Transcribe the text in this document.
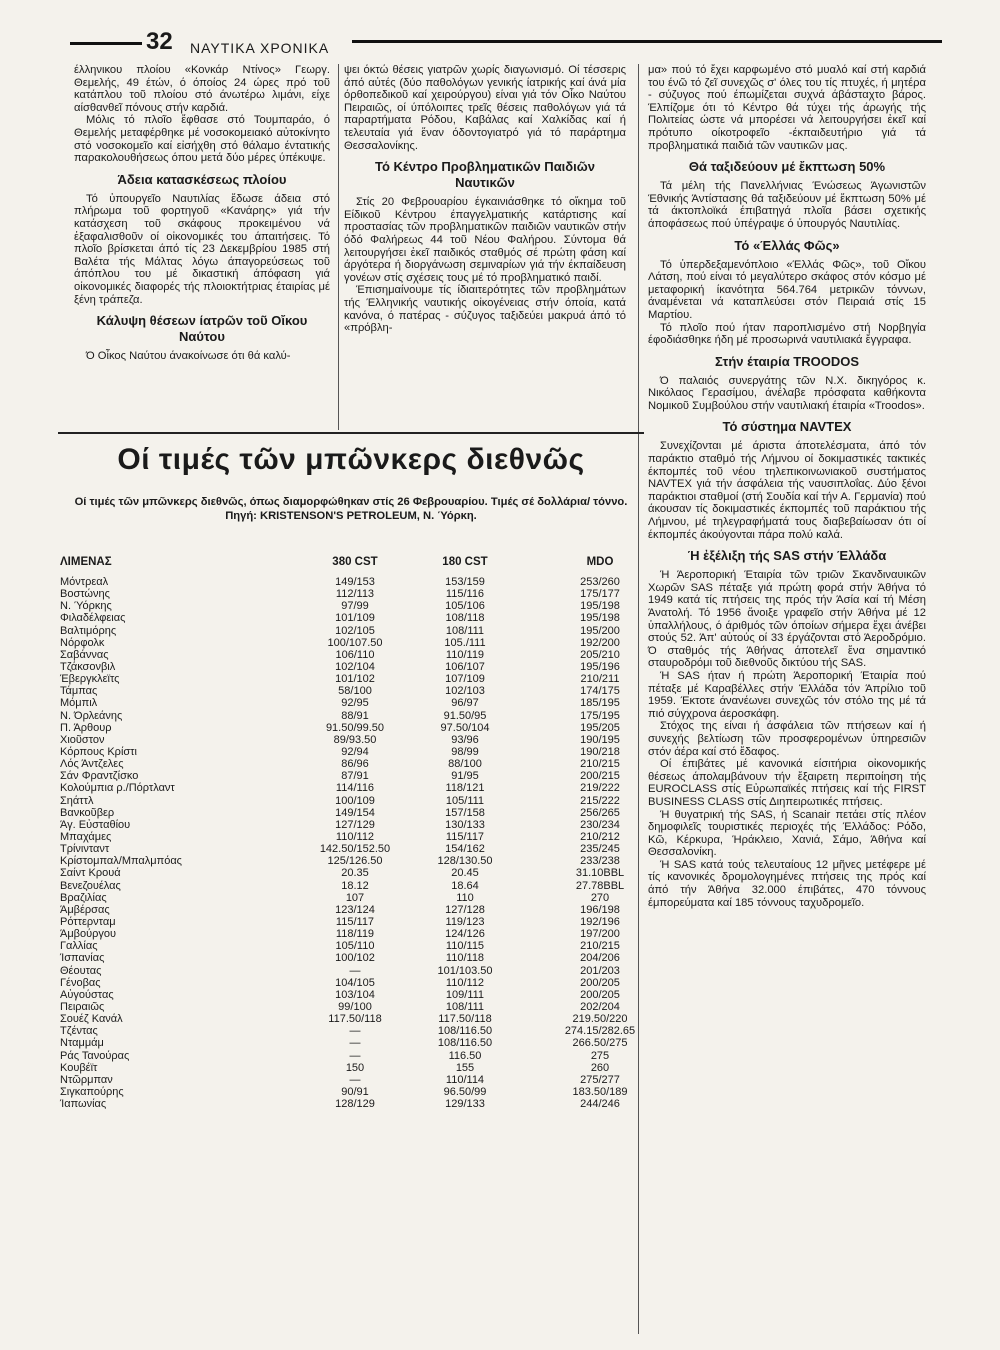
32 ΝΑΥΤΙΚΑ ΧΡΟΝΙΚΑ

έλληνικου πλοίου «Κονκάρ Ντίνος» Γεωργ. Θεμελής, 49 έτών, ό όποίος 24 ώρες πρό τοῦ κατάπλου τοῦ πλοίου στό άνωτέρω λιμάνι, είχε αίσθανθεῖ πόνους στήν καρδιά.

Μόλις τό πλοῖο ἔφθασε στό Τουμπαράο, ό Θεμελής μεταφέρθηκε μέ νοσοκομειακό αὐτοκίνητο στό νοσοκομεῖο καί εἰσήχθη στό θάλαμο έντατικής παρακολουθήσεως όπου μετά δύο μέρες ύπέκυψε.

Άδεια κατασκέσεως πλοίου

Τό ὑπουργεῖο Ναυτιλίας ἔδωσε άδεια στό πλήρωμα τοῦ φορτηγοῦ «Κανάρης» γιά τήν κατάσχεση τοῦ σκάφους προκειμένου νά ἐξαφαλισθοῦν οί οἰκονομικές του άπαιτήσεις. Τό πλοῖο βρίσκεται άπό τίς 23 Δεκεμβρίου 1985 στή Βαλέτα τής Μάλτας λόγω άπαγορεύσεως τοῦ άπόπλου του μέ δικαστική άπόφαση γιά οἰκονομικές διαφορές τής πλοιοκτήτριας έταιρίας μέ ξένη τράπεζα.

Κάλυψη θέσεων ίατρῶν τοῦ Οἴκου Ναύτου

Ό Οἶκος Ναύτου άνακοίνωσε ότι θά καλύ-

ψει όκτώ θέσεις γιατρῶν χωρίς διαγωνισμό. Οί τέσσερις άπό αὐτές (δύο παθολόγων γενικής ίατρικής καί άνά μία όρθοπεδικοῦ καί χειρούργου) είναι γιά τόν Οἶκο Ναύτου Πειραιῶς, οί ύπόλοιπες τρεῖς θέσεις παθολόγων γιά τά παραρτήματα Ρόδου, Καβάλας καί Χαλκίδας καί ή τελευταία γιά ἕναν όδοντογιατρό γιά τό παράρτημα Θεσσαλονίκης.

Τό Κέντρο Προβληματικῶν Παιδιῶν Ναυτικῶν

Στίς 20 Φεβρουαρίου έγκαινιάσθηκε τό οἴκημα τοῦ Είδικοῦ Κέντρου έπαγγελματικής κατάρτισης καί προστασίας τῶν προβληματικῶν παιδιῶν ναυτικῶν στήν όδό Φαλήρεως 44 τοῦ Νέου Φαλήρου. Σύντομα θά λειτουργήσει ἐκεῖ παιδικός σταθμός σέ πρώτη φάση καί άργότερα ή διοργάνωση σεμιναρίων γιά τήν έκπαίδευση γονέων στίς σχέσεις τους μέ τό προβληματικό παιδί.

Έπισημαίνουμε τίς ίδιαιτερότητες τῶν προβλημάτων τής Έλληνικής ναυτικής οἰκογένειας στήν όποία, κατά κανόνα, ό πατέρας - σύζυγος ταξιδεύει μακρυά άπό τό «πρόβλη-

μα» πού τό ἔχει καρφωμένο στό μυαλό καί στή καρδιά του ένῶ τό ζεῖ συνεχῶς σ' όλες του τίς πτυχές, ή μητέρα - σύζυγος πού έπωμίζεται συχνά άβάσταχτο βάρος. Έλπίζομε ότι τό Κέντρο θά τύχει τής άρωγής τής Πολιτείας ώστε νά μπορέσει νά λειτουργήσει ἐκεῖ καί πρότυπο οίκοτροφεῖο -έκπαιδευτήριο γιά τά προβληματικά παιδιά τῶν ναυτικῶν μας.

Θά ταξιδεύουν μέ ἔκπτωση 50%

Τά μέλη τής Πανελλήνιας Ένώσεως Άγωνιστῶν Έθνικής Άντίστασης θά ταξιδεύουν μέ ἔκπτωση 50% μέ τά άκτοπλοϊκά έπιβατηγά πλοῖα βάσει σχετικής άποφάσεως πού ὑπέγραψε ό ὑπουργός Ναυτιλίας.

Τό «Έλλάς Φῶς»

Τό ὑπερδεξαμενόπλοιο «Έλλάς Φῶς», τοῦ Οἴκου Λάτση, πού είναι τό μεγαλύτερο σκάφος στόν κόσμο μέ μεταφορική ίκανότητα 564.764 μετρικῶν τόννων, άναμένεται νά καταπλεύσει στόν Πειραιά στίς 15 Μαρτίου.

Τό πλοῖο πού ήταν παροπλισμένο στή Νορβηγία έφοδιάσθηκε ήδη μέ προσωρινά ναυτιλιακά ἔγγραφα.

Στήν έταιρία TROODOS

Ό παλαιός συνεργάτης τῶν Ν.Χ. δικηγόρος κ. Νικόλαος Γερασίμου, άνέλαβε πρόσφατα καθήκοντα Νομικοῦ Συμβούλου στήν ναυτιλιακή έταιρία «Troodos».

Τό σύστημα NAVTEX

Συνεχίζονται μέ άριστα άποτελέσματα, άπό τόν παράκτιο σταθμό τής Λήμνου οί δοκιμαστικές τακτικές έκπομπές τοῦ νέου τηλεπικοινωνιακοῦ συστήματος NAVTEX γιά τήν άσφάλεια τής ναυσιπλοΐας. Δύο ξένοι παράκτιοι σταθμοί (στή Σουδία καί τήν Α. Γερμανία) πού άκουσαν τίς δοκιμαστικές έκπομπές τοῦ παράκτιου τής Λήμνου, μέ τηλεγραφήματά τους διαβεβαίωσαν ότι οί έκπομπές άκούγονται πάρα πολύ καλά.

Ή ἐξέλιξη τής SAS στήν Έλλάδα

Ή Άεροπορική Έταιρία τῶν τριῶν Σκανδιναυικῶν Χωρῶν SAS πέταξε γιά πρώτη φορά στήν Άθήνα τό 1949 κατά τίς πτήσεις της πρός τήν Άσία καί τή Μέση Άνατολή. Τό 1956 ἄνοιξε γραφεῖο στήν Άθήνα μέ 12 ὑπαλλήλους, ό άριθμός τῶν όποίων σήμερα ἔχει άνέβει στούς 52. Άπ' αὐτούς οί 33 έργάζονται στό Άεροδρόμιο. Ό σταθμός τής Άθήνας άποτελεῖ ἕνα σημαντικό σταυροδρόμι τοῦ διεθνοῦς δικτύου τής SAS.

Ή SAS ήταν ή πρώτη Άεροπορική Έταιρία πού πέταξε μέ Καραβέλλες στήν Έλλάδα τόν Άπρίλιο τοῦ 1959. Έκτοτε άνανέωνει συνεχῶς τόν στόλο της μέ τά πιό σύγχρονα άεροσκάφη.

Στόχος της είναι ή άσφάλεια τῶν πτήσεων καί ή συνεχής βελτίωση τῶν προσφερομένων ὑπηρεσιῶν στόν άέρα καί στό ἔδαφος.

Οί έπιβάτες μέ κανονικά είσιτήρια οἰκονομικής θέσεως άπολαμβάνουν τήν ἔξαιρετη περιποίηση τής EUROCLASS στίς Εὐρωπαϊκές πτήσεις καί τής FIRST BUSINESS CLASS στίς Διηπειρωτικές πτήσεις.

Ή θυγατρική τής SAS, ή Scanair πετάει στίς πλέον δημοφιλεῖς τουριστικές περιοχές τής Έλλάδος: Ρόδο, Κῶ, Κέρκυρα, Ήράκλειο, Χανιά, Σάμο, Άθήνα καί Θεσσαλονίκη.

Ή SAS κατά τούς τελευταίους 12 μῆνες μετέφερε μέ τίς κανονικές δρομολογημένες πτήσεις της πρός καί άπό τήν Άθήνα 32.000 έπιβάτες, 470 τόννους έμπορεύματα καί 185 τόννους ταχυδρομεῖο.

Οί τιμές τῶν μπῶνκερς διεθνῶς
Οί τιμές τῶν μπῶνκερς διεθνῶς, όπως διαμορφώθηκαν στίς 26 Φεβρουαρίου. Τιμές σέ δολλάρια/ τόννο. Πηγή: KRISTENSON'S PETROLEUM, Ν. Ύόρκη.
ΛΙΜΕΝΑΣ	380 CST	180 CST	MDO
Μόντρεαλ	149/153	153/159	253/260
Βοστώνης	112/113	115/116	175/177
Ν. Ύόρκης	97/99	105/106	195/198
Φιλαδέλφειας	101/109	108/118	195/198
Βαλτιμόρης	102/105	108/111	195/200
Νόρφολκ	100/107.50	105./111	192/200
Σαβάννας	106/110	110/119	205/210
Τζάκσονβιλ	102/104	106/107	195/196
Έβεργκλεϊτς	101/102	107/109	210/211
Τάμπας	58/100	102/103	174/175
Μόμπιλ	92/95	96/97	185/195
Ν. Όρλεάνης	88/91	91.50/95	175/195
Π. Άρθουρ	91.50/99.50	97.50/104	195/205
Χιοῦστον	89/93.50	93/96	190/195
Κόρπους Κρίστι	92/94	98/99	190/218
Λός Άντζελες	86/96	88/100	210/215
Σάν Φραντζίσκο	87/91	91/95	200/215
Κολούμπια ρ./Πόρτλαντ	114/116	118/121	219/222
Σηάττλ	100/109	105/111	215/222
Βανκοῦβερ	149/154	157/158	256/265
Άγ. Εὐσταθίου	127/129	130/133	230/234
Μπαχάμες	110/112	115/117	210/212
Τρίνινταντ	142.50/152.50	154/162	235/245
Κρίστομπαλ/Μπαλμπόας	125/126.50	128/130.50	233/238
Σαίντ Κρουά	20.35	20.45	31.10BBL
Βενεζουέλας	18.12	18.64	27.78BBL
Βραζιλίας	107	110	270
Άμβέρσας	123/124	127/128	196/198
Ρόττερνταμ	115/117	119/123	192/196
Άμβούργου	118/119	124/126	197/200
Γαλλίας	105/110	110/115	210/215
Ίσπανίας	100/102	110/118	204/206
Θέουτας	—	101/103.50	201/203
Γένοβας	104/105	110/112	200/205
Αὐγούστας	103/104	109/111	200/205
Πειραιῶς	99/100	108/111	202/204
Σουέζ Κανάλ	117.50/118	117.50/118	219.50/220
Τζέντας	—	108/116.50	274.15/282.65
Νταμμάμ	—	108/116.50	266.50/275
Ράς Τανούρας	—	116.50	275
Κουβέϊτ	150	155	260
Ντῶρμπαν	—	110/114	275/277
Σιγκαπούρης	90/91	96.50/99	183.50/189
Ίαπωνίας	128/129	129/133	244/246
